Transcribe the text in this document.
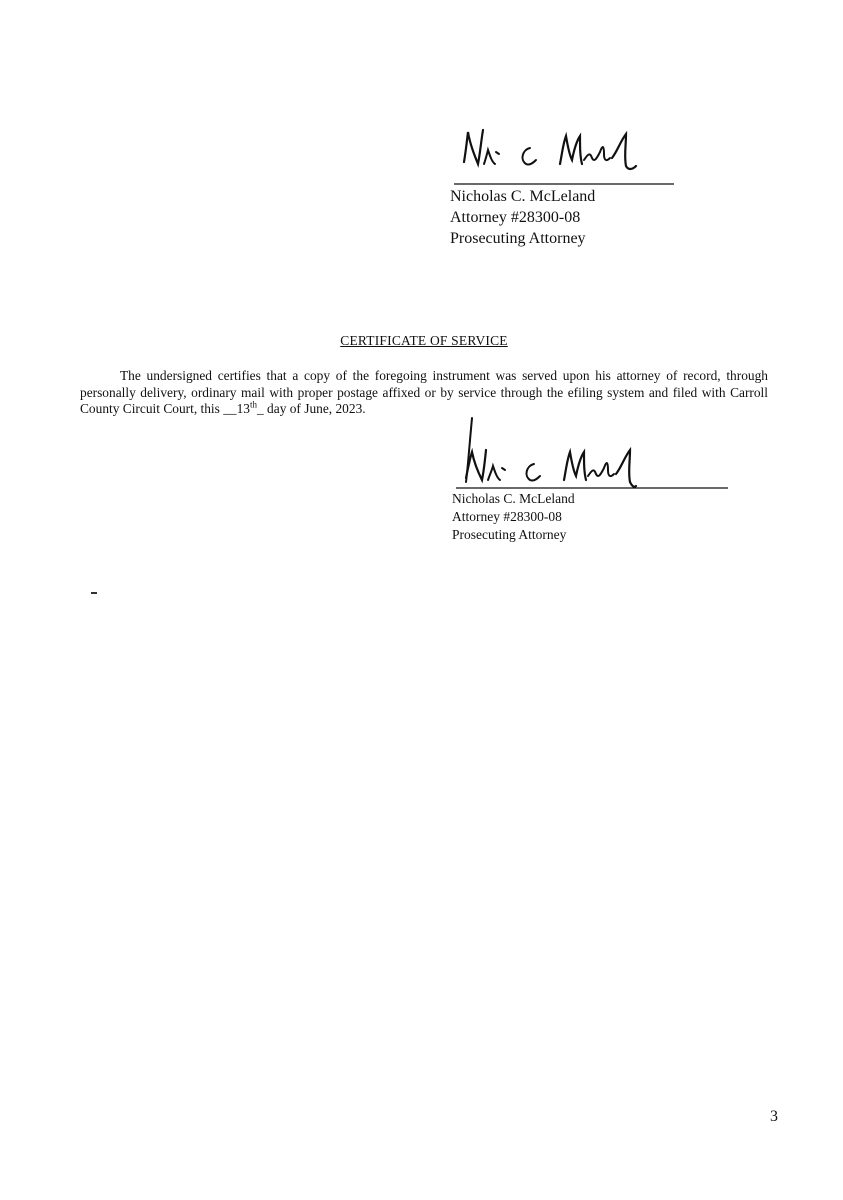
Nicholas C. McLeland
Attorney #28300-08
Prosecuting Attorney
CERTIFICATE OF SERVICE
The undersigned certifies that a copy of the foregoing instrument was served upon his attorney of record, through personally delivery, ordinary mail with proper postage affixed or by service through the efiling system and filed with Carroll County Circuit Court, this __13th_ day of June, 2023.
Nicholas C. McLeland
Attorney #28300-08
Prosecuting Attorney
3
